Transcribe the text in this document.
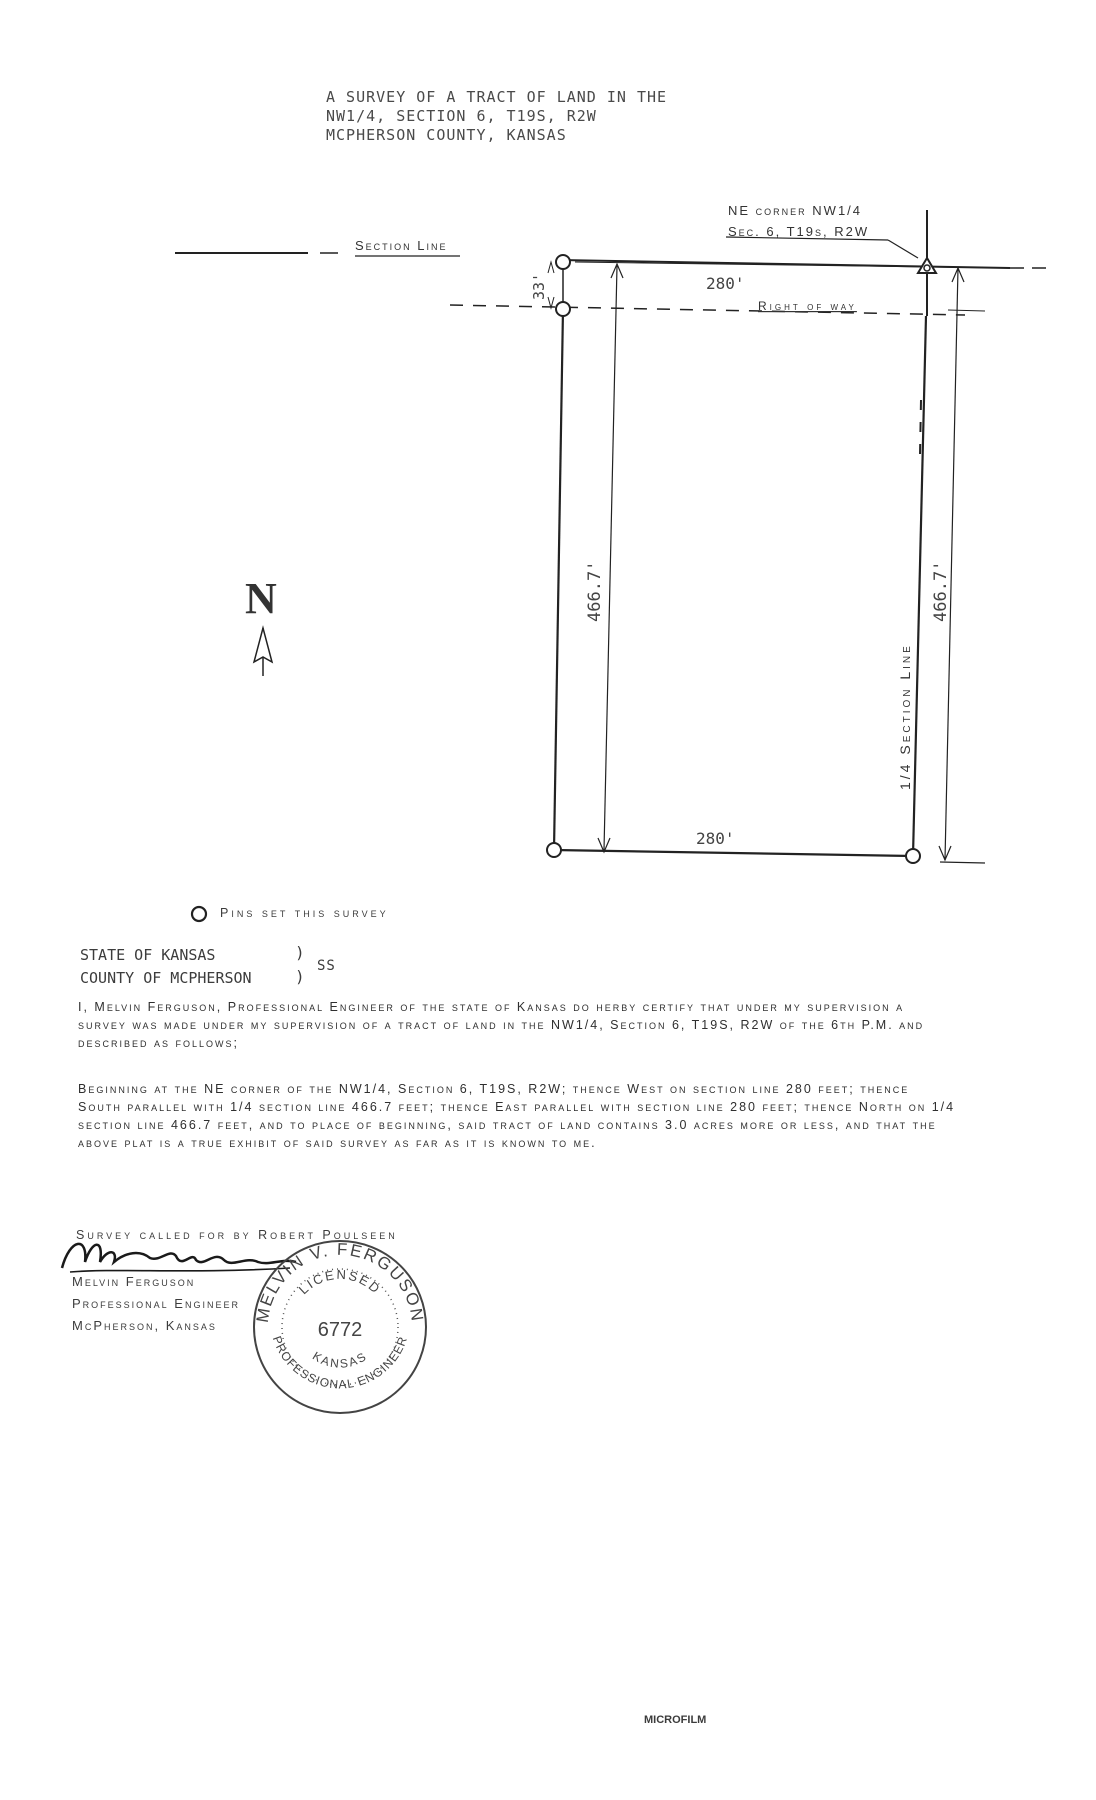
A SURVEY OF A TRACT OF LAND IN THE
NW1/4, SECTION 6, T19S, R2W
MCPHERSON COUNTY, KANSAS
Section Line
NE corner NW1/4
Sec. 6, T19s, R2W
Right of way
280'
280'
33'
466.7'	466.7'
1/4 Section Line
N
Pins set this survey
STATE OF KANSAS
COUNTY OF MCPHERSON
)
)
SS
I, Melvin Ferguson, Professional Engineer of the state of Kansas do herby certify that under my supervision a survey was made under my supervision of a tract of land in the NW1/4, Section 6, T19S, R2W of the 6th P.M. and described as follows;
Beginning at the NE corner of the NW1/4, Section 6, T19S, R2W; thence West on section line 280 feet; thence South parallel with 1/4 section line 466.7 feet; thence East parallel with section line 280 feet; thence North on 1/4 section line 466.7 feet, and to place of beginning, said tract of land contains 3.0 acres more or less, and that the above plat is a true exhibit of said survey as far as it is known to me.
Survey called for by Robert Poulseen
Melvin Ferguson
Professional Engineer
McPherson, Kansas
MELVIN V. FERGUSON
LICENSED
6772
KANSAS
PROFESSIONAL ENGINEER
MICROFILM
